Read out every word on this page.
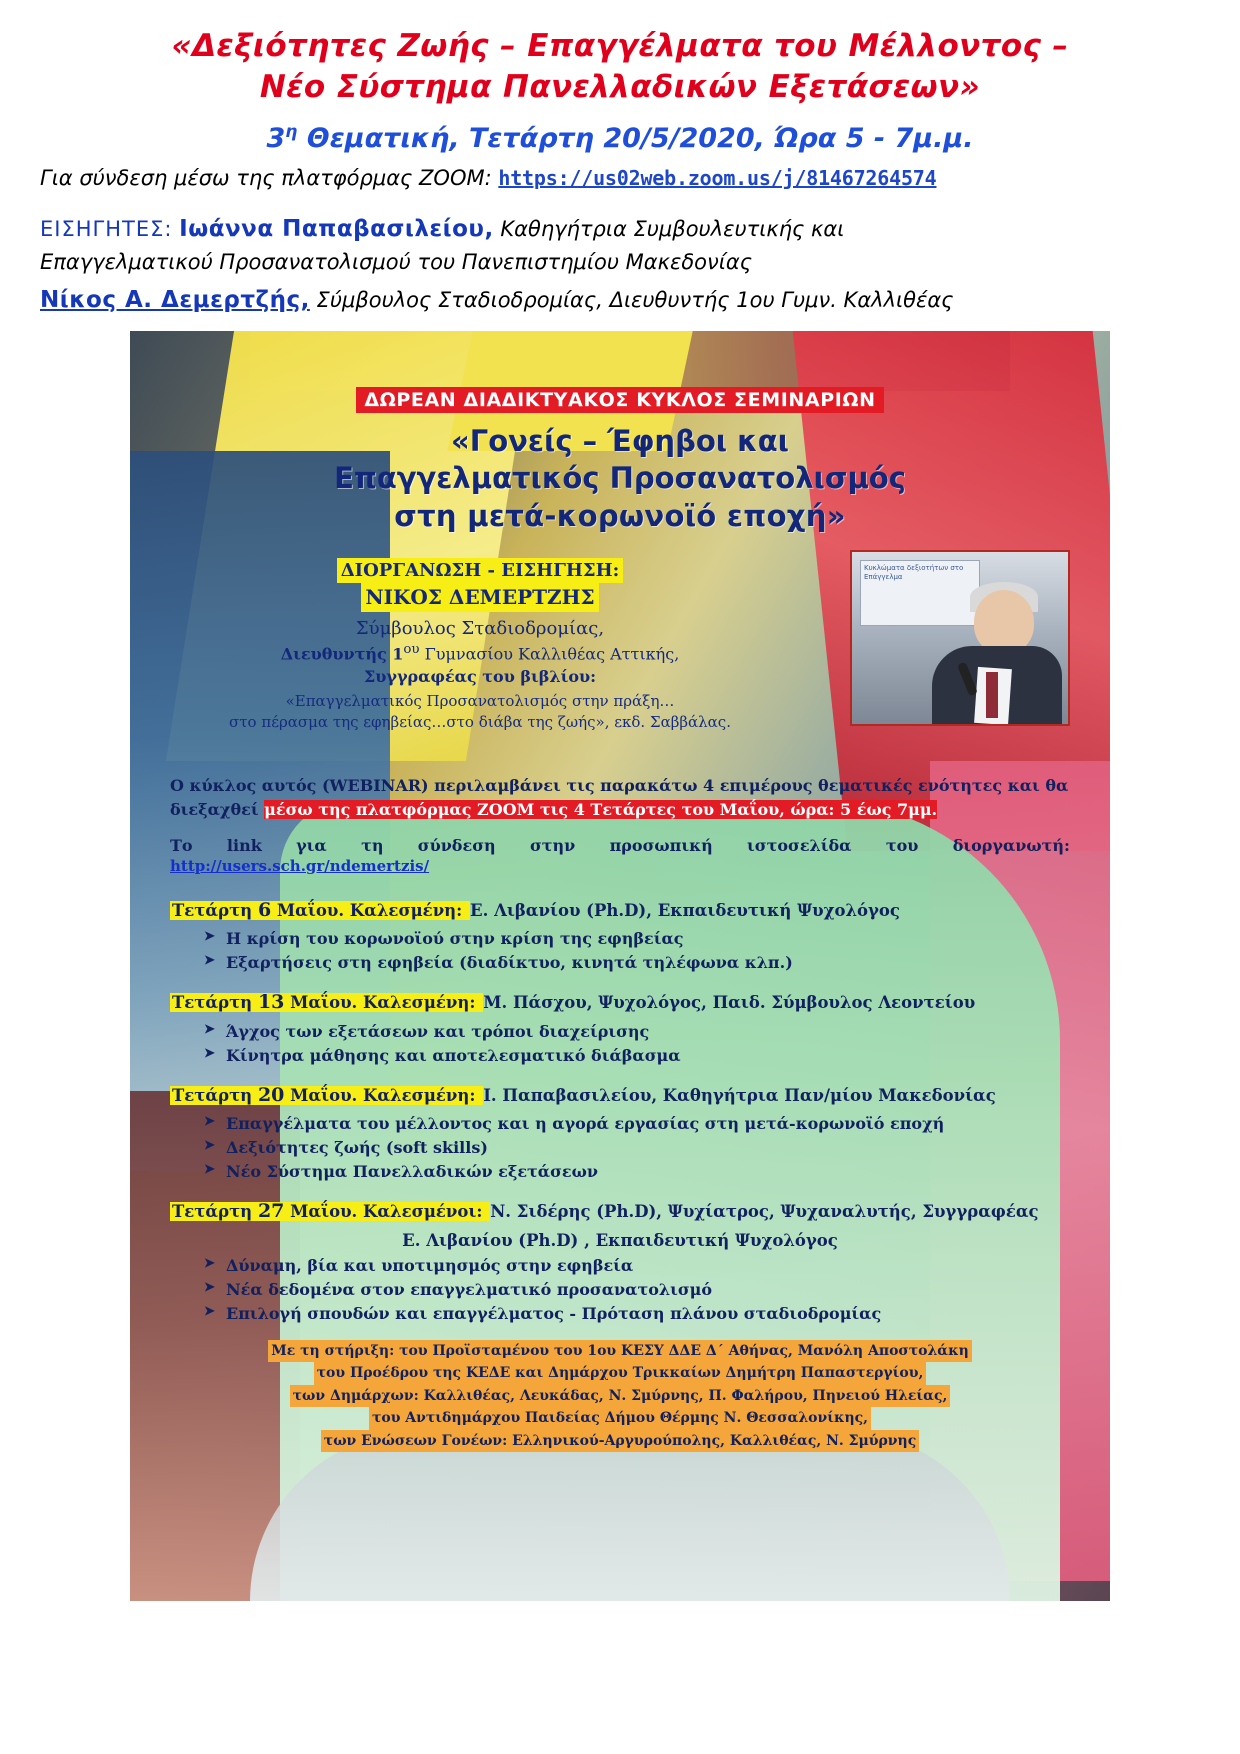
«Δεξιότητες Ζωής – Επαγγέλματα του Μέλλοντος –
Νέο Σύστημα Πανελλαδικών Εξετάσεων»
$3^\eta$ Θεματική, Τετάρτη 20/5/2020, Ώρα 5 - 7μ.μ.
Για σύνδεση μέσω της πλατφόρμας ZOOM: https://us02web.zoom.us/j/81467264574
ΕΙΣΗΓΗΤΕΣ: Ιωάννα Παπαβασιλείου, Καθηγήτρια Συμβουλευτικής και
Επαγγελματικού Προσανατολισμού του Πανεπιστημίου Μακεδονίας
Νίκος Α. Δεμερτζής, Σύμβουλος Σταδιοδρομίας, Διευθυντής 1ου Γυμν. Καλλιθέας
ΔΩΡΕΑΝ ΔΙΑΔΙΚΤΥΑΚΟΣ ΚΥΚΛΟΣ ΣΕΜΙΝΑΡΙΩΝ
«Γονείς – Έφηβοι και
Επαγγελματικός Προσανατολισμός
στη μετά-κορωνοϊό εποχή»
ΔΙΟΡΓΑΝΩΣΗ - ΕΙΣΗΓΗΣΗ:
ΝΙΚΟΣ ΔΕΜΕΡΤΖΗΣ
Σύμβουλος Σταδιοδρομίας,
Διευθυντής $1^{o\upsilon}$ Γυμνασίου Καλλιθέας Αττικής,
Συγγραφέας του βιβλίου:
«Επαγγελματικός Προσανατολισμός στην πράξη…
στο πέρασμα της εφηβείας…στο διάβα της ζωής», εκδ. Σαββάλας.
Κυκλώματα δεξιοτήτων στο Επάγγελμα
Ο κύκλος αυτός (WEBINAR) περιλαμβάνει τις παρακάτω 4 επιμέρους θεματικές ενότητες και θα
διεξαχθεί μέσω της πλατφόρμας ZOOM τις 4 Τετάρτες του Μαΐου, ώρα: 5 έως 7μμ.
Το link για τη σύνδεση στην προσωπική ιστοσελίδα του διοργανωτή:
http://users.sch.gr/ndemertzis/
Τετάρτη 6 Μαΐου. Καλεσμένη: Ε. Λιβανίου (Ph.D), Εκπαιδευτική Ψυχολόγος
➤ Η κρίση του κορωνοϊού στην κρίση της εφηβείας
➤ Εξαρτήσεις στη εφηβεία (διαδίκτυο, κινητά τηλέφωνα κλπ.)
Τετάρτη 13 Μαΐου. Καλεσμένη: Μ. Πάσχου, Ψυχολόγος, Παιδ. Σύμβουλος Λεοντείου
➤ Άγχος των εξετάσεων και τρόποι διαχείρισης
➤ Κίνητρα μάθησης και αποτελεσματικό διάβασμα
Τετάρτη 20 Μαΐου. Καλεσμένη: Ι. Παπαβασιλείου, Καθηγήτρια Παν/μίου Μακεδονίας
➤ Επαγγέλματα του μέλλοντος και η αγορά εργασίας στη μετά-κορωνοϊό εποχή
➤ Δεξιότητες ζωής (soft skills)
➤ Νέο Σύστημα Πανελλαδικών εξετάσεων
Τετάρτη 27 Μαΐου. Καλεσμένοι: Ν. Σιδέρης (Ph.D), Ψυχίατρος, Ψυχαναλυτής, Συγγραφέας
Ε. Λιβανίου (Ph.D) , Εκπαιδευτική Ψυχολόγος
➤ Δύναμη, βία και υποτιμησμός στην εφηβεία
➤ Νέα δεδομένα στον επαγγελματικό προσανατολισμό
➤ Επιλογή σπουδών και επαγγέλματος - Πρόταση πλάνου σταδιοδρομίας
Με τη στήριξη: του Προϊσταμένου του 1ου ΚΕΣΥ ΔΔΕ Δ΄ Αθήνας, Μανόλη Αποστολάκη
του Προέδρου της ΚΕΔΕ και Δημάρχου Τρικκαίων Δημήτρη Παπαστεργίου,
των Δημάρχων: Καλλιθέας, Λευκάδας, Ν. Σμύρνης, Π. Φαλήρου, Πηνειού Ηλείας,
του Αντιδημάρχου Παιδείας Δήμου Θέρμης Ν. Θεσσαλονίκης,
των Ενώσεων Γονέων: Ελληνικού-Αργυρούπολης, Καλλιθέας, Ν. Σμύρνης
